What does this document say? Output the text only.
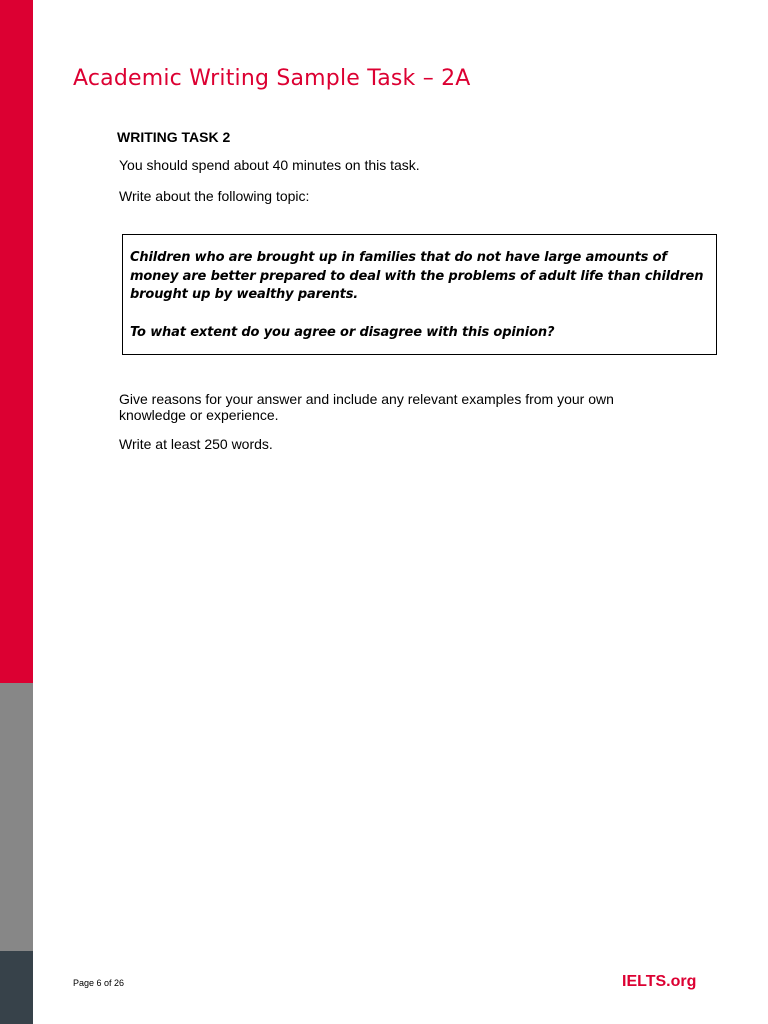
Academic Writing Sample Task – 2A
WRITING TASK 2

You should spend about 40 minutes on this task.

Write about the following topic:

Children who are brought up in families that do not have large amounts of money are better prepared to deal with the problems of adult life than children brought up by wealthy parents.

To what extent do you agree or disagree with this opinion?

Give reasons for your answer and include any relevant examples from your own knowledge or experience.

Write at least 250 words.

Page 6 of 26	IELTS.org
